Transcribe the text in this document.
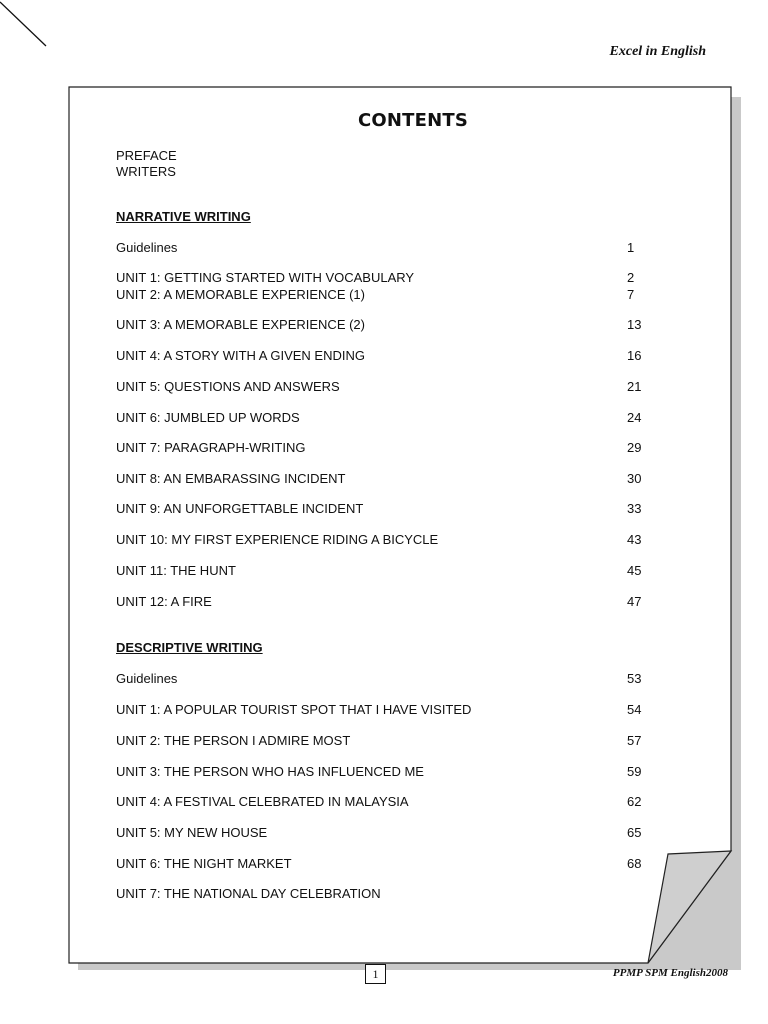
Excel in English
CONTENTS
PREFACE
WRITERS
NARRATIVE WRITING
Guidelines	1
UNIT 1: GETTING STARTED WITH VOCABULARY	2
UNIT 2: A MEMORABLE EXPERIENCE (1)	7
UNIT 3: A MEMORABLE EXPERIENCE (2)	13
UNIT 4: A STORY WITH A GIVEN ENDING	16
UNIT 5: QUESTIONS AND ANSWERS	21
UNIT 6: JUMBLED UP WORDS	24
UNIT 7: PARAGRAPH-WRITING	29
UNIT 8: AN EMBARASSING INCIDENT	30
UNIT 9: AN UNFORGETTABLE INCIDENT	33
UNIT 10: MY FIRST EXPERIENCE RIDING A BICYCLE	43
UNIT 11: THE HUNT	45
UNIT 12: A FIRE	47
DESCRIPTIVE WRITING
Guidelines	53
UNIT 1: A POPULAR TOURIST SPOT THAT I HAVE VISITED	54
UNIT 2: THE PERSON I ADMIRE MOST	57
UNIT 3: THE PERSON WHO HAS INFLUENCED ME	59
UNIT 4: A FESTIVAL CELEBRATED IN MALAYSIA	62
UNIT 5: MY NEW HOUSE	65
UNIT 6: THE NIGHT MARKET	68
UNIT 7: THE NATIONAL DAY CELEBRATION
1	PPMP SPM English2008
